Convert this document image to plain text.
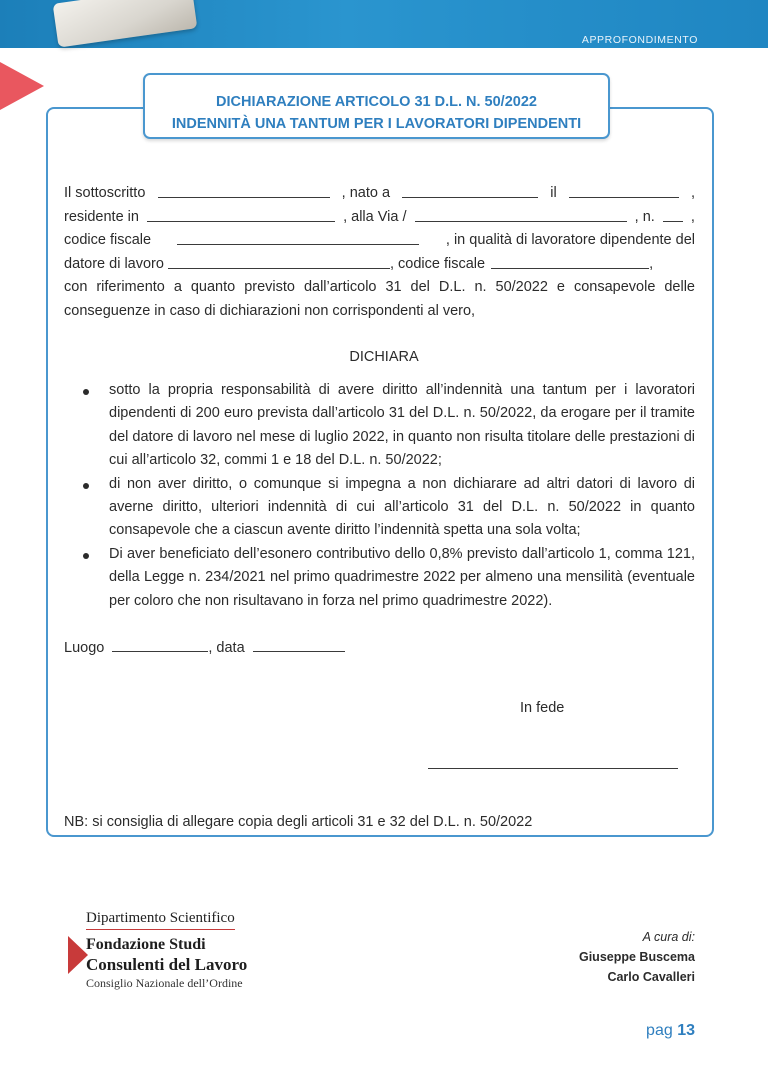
APPROFONDIMENTO
DICHIARAZIONE ARTICOLO 31 D.L. N. 50/2022
INDENNITÀ UNA TANTUM PER I LAVORATORI DIPENDENTI
Il sottoscritto	, nato a	il	,
residente in	, alla Via /	, n. ,
codice fiscale	, in qualità di lavoratore dipendente del
datore di lavoro	, codice fiscale	,

con riferimento a quanto previsto dall’articolo 31 del D.L. n. 50/2022 e consapevole delle conseguenze in caso di dichiarazioni non corrispondenti al vero,

DICHIARA
sotto la propria responsabilità di avere diritto all’indennità una tantum per i lavoratori dipendenti di 200 euro prevista dall’articolo 31 del D.L. n. 50/2022, da erogare per il tramite del datore di lavoro nel mese di luglio 2022, in quanto non risulta titolare delle prestazioni di cui all’articolo 32, commi 1 e 18 del D.L. n. 50/2022;
di non aver diritto, o comunque si impegna a non dichiarare ad altri datori di lavoro di averne diritto, ulteriori indennità di cui all’articolo 31 del D.L. n. 50/2022 in quanto consapevole che a ciascun avente diritto l’indennità spetta una sola volta;
Di aver beneficiato dell’esonero contributivo dello 0,8% previsto dall’articolo 1, comma 121, della Legge n. 234/2021 nel primo quadrimestre 2022 per almeno una mensilità (eventuale per coloro che non risultavano in forza nel primo quadrimestre 2022).
Luogo	, data
In fede
NB: si consiglia di allegare copia degli articoli 31 e 32 del D.L. n. 50/2022
Dipartimento Scientifico
Fondazione Studi
Consulenti del Lavoro
Consiglio Nazionale dell’Ordine
A cura di:
Giuseppe Buscema
Carlo Cavalleri
pag 13
